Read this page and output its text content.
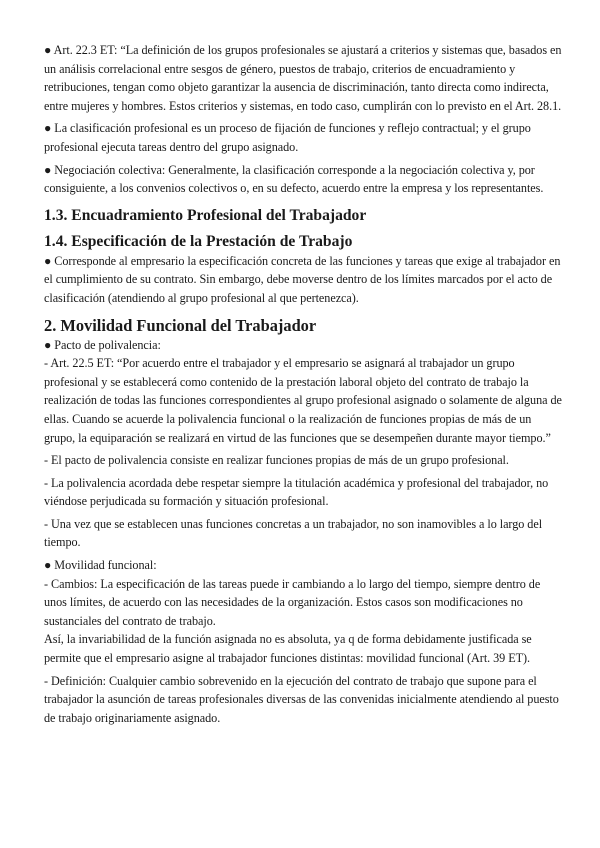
● Art. 22.3 ET: “La definición de los grupos profesionales se ajustará a criterios y sistemas que, basados en un análisis correlacional entre sesgos de género, puestos de trabajo, criterios de encuadramiento y retribuciones, tengan como objeto garantizar la ausencia de discriminación, tanto directa como indirecta, entre mujeres y hombres. Estos criterios y sistemas, en todo caso, cumplirán con lo previsto en el Art. 28.1.

● La clasificación profesional es un proceso de fijación de funciones y reflejo contractual; y el grupo profesional ejecuta tareas dentro del grupo asignado.

● Negociación colectiva: Generalmente, la clasificación corresponde a la negociación colectiva y, por consiguiente, a los convenios colectivos o, en su defecto, acuerdo entre la empresa y los representantes.

1.3. Encuadramiento Profesional del Trabajador
1.4. Especificación de la Prestación de Trabajo

● Corresponde al empresario la especificación concreta de las funciones y tareas que exige al trabajador en el cumplimiento de su contrato. Sin embargo, debe moverse dentro de los límites marcados por el acto de clasificación (atendiendo al grupo profesional al que pertenezca).

2. Movilidad Funcional del Trabajador

● Pacto de polivalencia:

- Art. 22.5 ET: “Por acuerdo entre el trabajador y el empresario se asignará al trabajador un grupo profesional y se establecerá como contenido de la prestación laboral objeto del contrato de trabajo la realización de todas las funciones correspondientes al grupo profesional asignado o solamente de alguna de ellas. Cuando se acuerde la polivalencia funcional o la realización de funciones propias de más de un grupo, la equiparación se realizará en virtud de las funciones que se desempeñen durante mayor tiempo.”

- El pacto de polivalencia consiste en realizar funciones propias de más de un grupo profesional.

- La polivalencia acordada debe respetar siempre la titulación académica y profesional del trabajador, no viéndose perjudicada su formación y situación profesional.

- Una vez que se establecen unas funciones concretas a un trabajador, no son inamovibles a lo largo del tiempo.

● Movilidad funcional:

- Cambios: La especificación de las tareas puede ir cambiando a lo largo del tiempo, siempre dentro de unos límites, de acuerdo con las necesidades de la organización. Estos casos son modificaciones no sustanciales del contrato de trabajo.

Así, la invariabilidad de la función asignada no es absoluta, ya q de forma debidamente justificada se permite que el empresario asigne al trabajador funciones distintas: movilidad funcional (Art. 39 ET).

- Definición: Cualquier cambio sobrevenido en la ejecución del contrato de trabajo que supone para el trabajador la asunción de tareas profesionales diversas de las convenidas inicialmente atendiendo al puesto de trabajo originariamente asignado.
